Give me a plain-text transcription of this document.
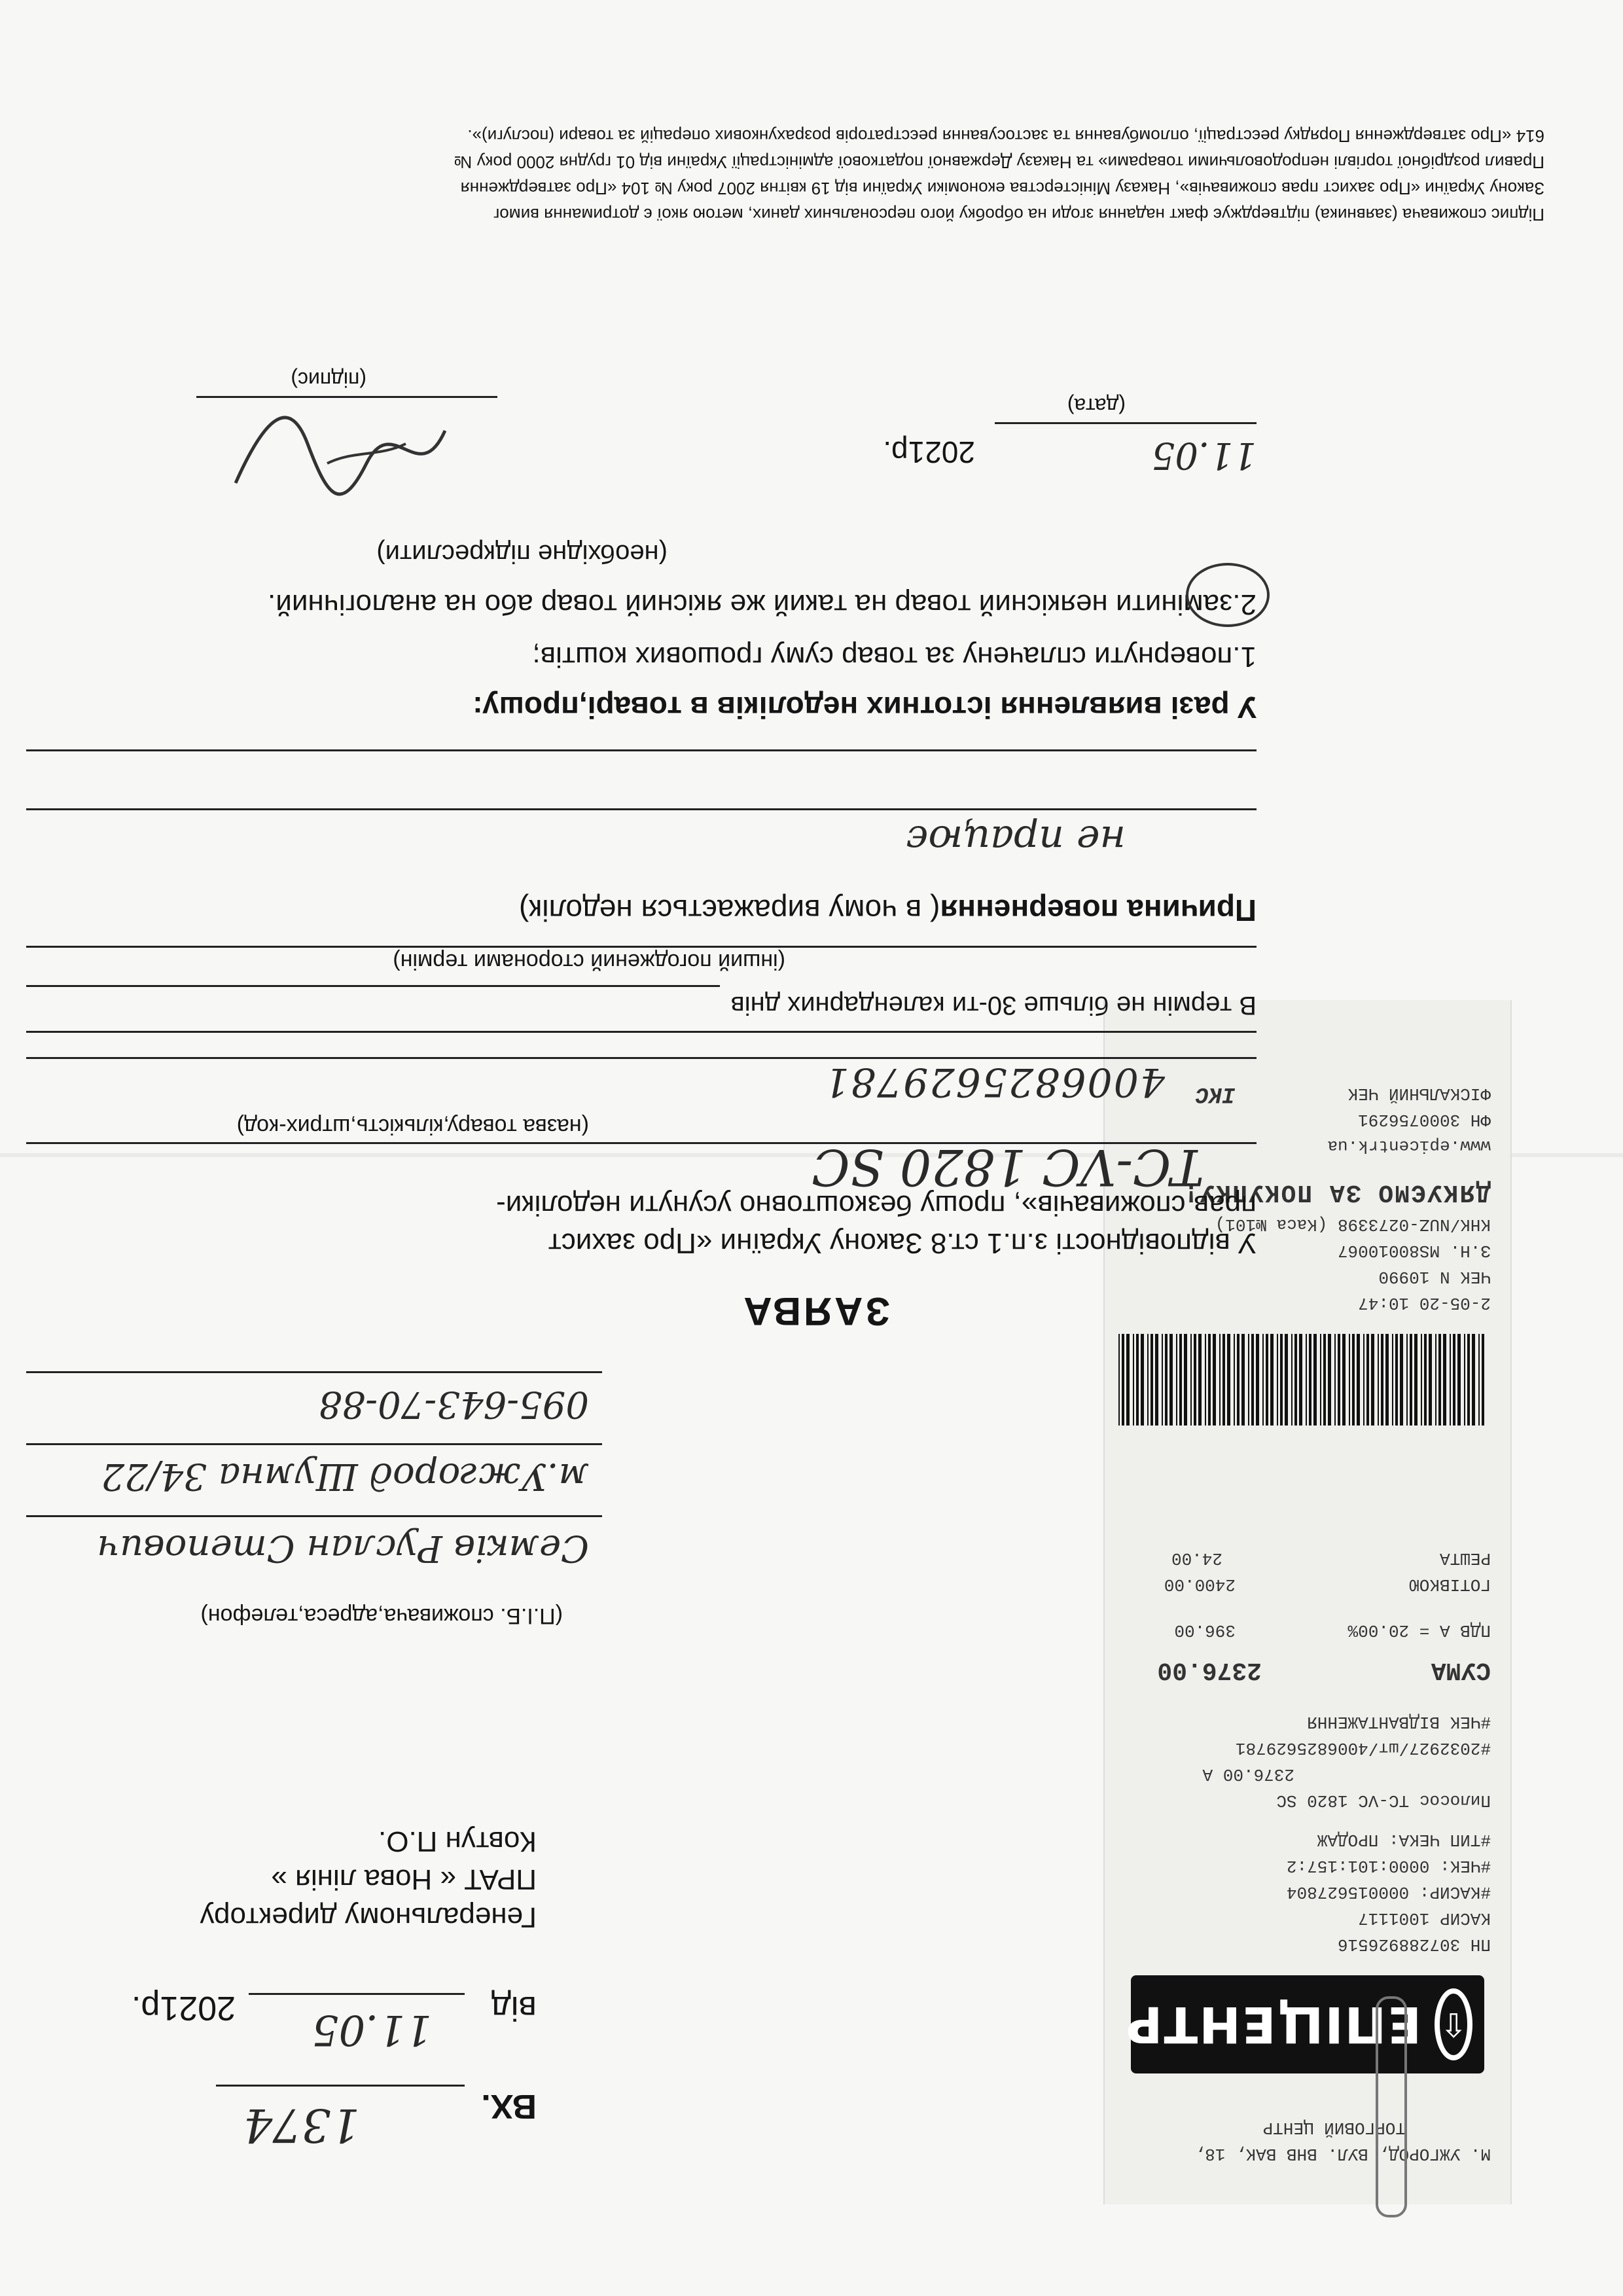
М. УЖГОРОД, ВУЛ. ВНВ ВАК, 18,
ТОРГОВИЙ ЦЕНТР
⇧
ЕПІЦЕНТР
ПН 307288926516
КАСИР 1001117
#КАСИР: 000015627804
#ЧЕК: 0000:101:157:2
#ТИП ЧЕКА: ПРОДАЖ
Пилосос ТС-VC 1820 SС
2376.00 А
#2032927/шт/4006825629781
#ЧЕК ВІДВАНТАЖЕННЯ
СУМА
2376.00
ПДВ А = 20.00%
396.00
ГОТІВКОЮ
2400.00
РЕШТА
24.00
2-05-20 10:47
ЧЕК N 10990
З.Н. МS80010067
КНК/NUZ-0273398 (Каса №101)
ДЯКУЄМО ЗА ПОКУПКУ!
www.epicentrk.ua
ФН 3000756291
ФІСКАЛЬНИЙ ЧЕК
ІКС
ВХ.
1374
від
11.05
2021р.
Генеральному директору
ПРАТ « Нова лінія »
Ковтун П.О.
(П.І.Б. споживача,адреса,телефон)
Семків Руслан Степович
м.Ужгород Шумна 34/22
095-643-70-88
ЗАЯВА
У відповідності з.п.1 ст.8 Закону України «Про захист
прав споживачів», прошу безкоштовно усунути недоліки-
ТС-VC 1820 SC
(назва товару,кількість,штрих-код)
4006825629781
В термін не більше 30-ти календарних днів
(інший погоджений сторонами термін)
Причина повернення( в чому виражається недолік)
не працює
У разі виявлення істотних недоліків в товарі,прошу:
1.повернути сплачену за товар суму грошових коштів;
2.замінити неякісний товар на такий же якісний товар або на аналогічний.
(необхідне підкреслити)
11.05
2021р.
(дата)
(підпис)
Підпис споживача (заявника) підтверджує факт надання згоди на обробку його персональних даних, метою якої є дотримання вимог
Закону України «Про захист прав споживачів», Наказу Міністерства економіки України від 19 квітня 2007 року № 104 «Про затвердження
Правил роздрібної торгівлі непродовольчими товарами» та Наказу Державної податкової адміністрації України від 01 грудня 2000 року №
614 «Про затвердження Порядку реєстрації, опломбування та застосування реєстраторів розрахункових операцій за товари (послуги)».
